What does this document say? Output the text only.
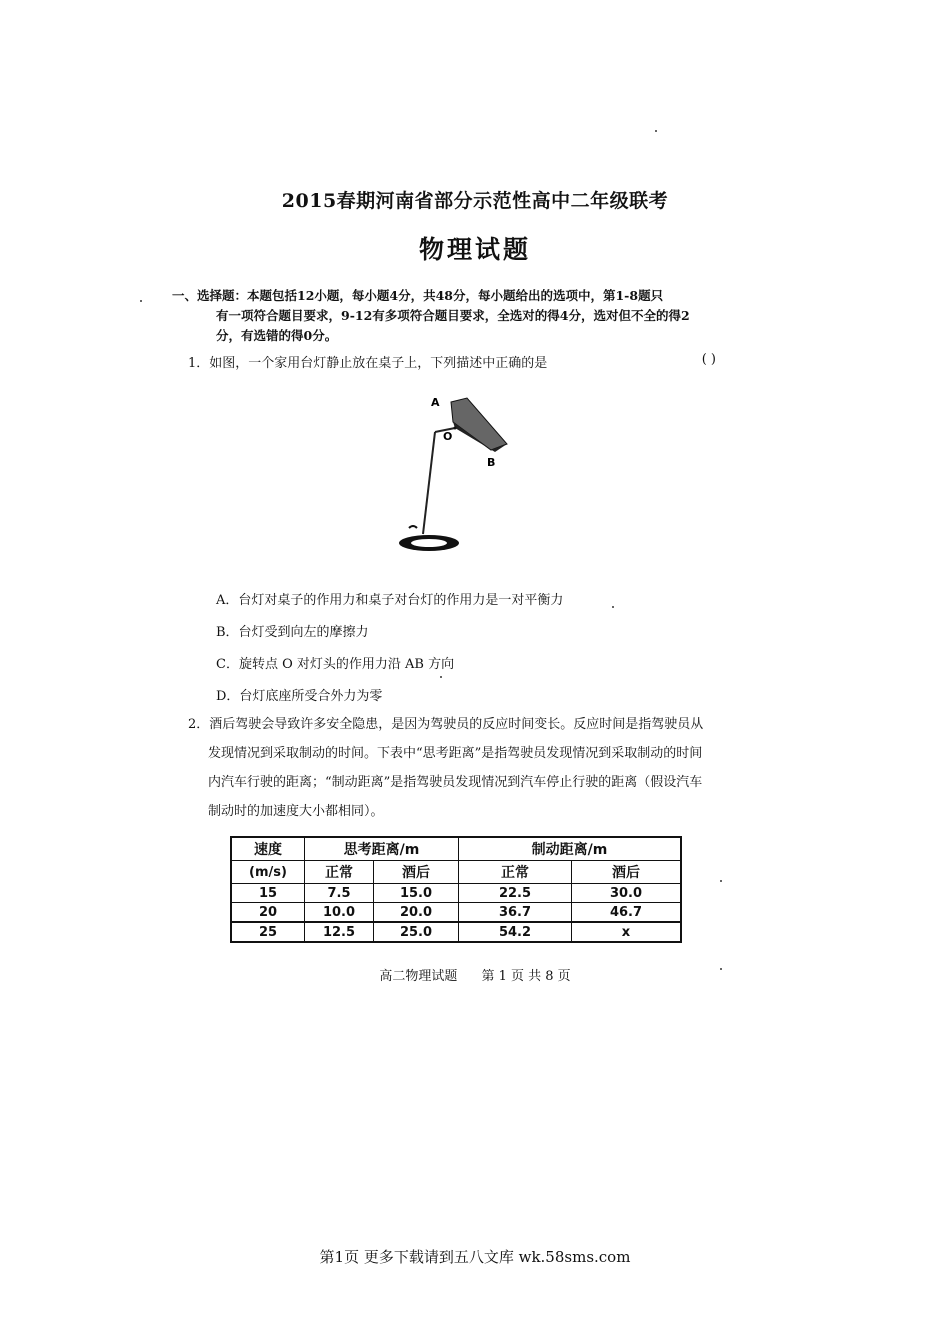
2015春期河南省部分示范性高中二年级联考
物理试题
一、选择题：本题包括12小题，每小题4分，共48分，每小题给出的选项中，第1-8题只
有一项符合题目要求，9-12有多项符合题目要求，全选对的得4分，选对但不全的得2
分，有选错的得0分。
1．如图，一个家用台灯静止放在桌子上，下列描述中正确的是	( )
A
O
B
A．台灯对桌子的作用力和桌子对台灯的作用力是一对平衡力
B．台灯受到向左的摩擦力
C．旋转点 O 对灯头的作用力沿 AB 方向
D．台灯底座所受合外力为零
2．酒后驾驶会导致许多安全隐患，是因为驾驶员的反应时间变长。反应时间是指驾驶员从
发现情况到采取制动的时间。下表中“思考距离”是指驾驶员发现情况到采取制动的时间
内汽车行驶的距离；“制动距离”是指驾驶员发现情况到汽车停止行驶的距离（假设汽车
制动时的加速度大小都相同）。
速度	思考距离/m		制动距离/m	
(m/s)	正常	酒后	正常	酒后
15	7.5	15.0	22.5	30.0
20	10.0	20.0	36.7	46.7
25	12.5	25.0	54.2	x
高二物理试题 第 1 页 共 8 页
第1页 更多下载请到五八文库 wk.58sms.com
